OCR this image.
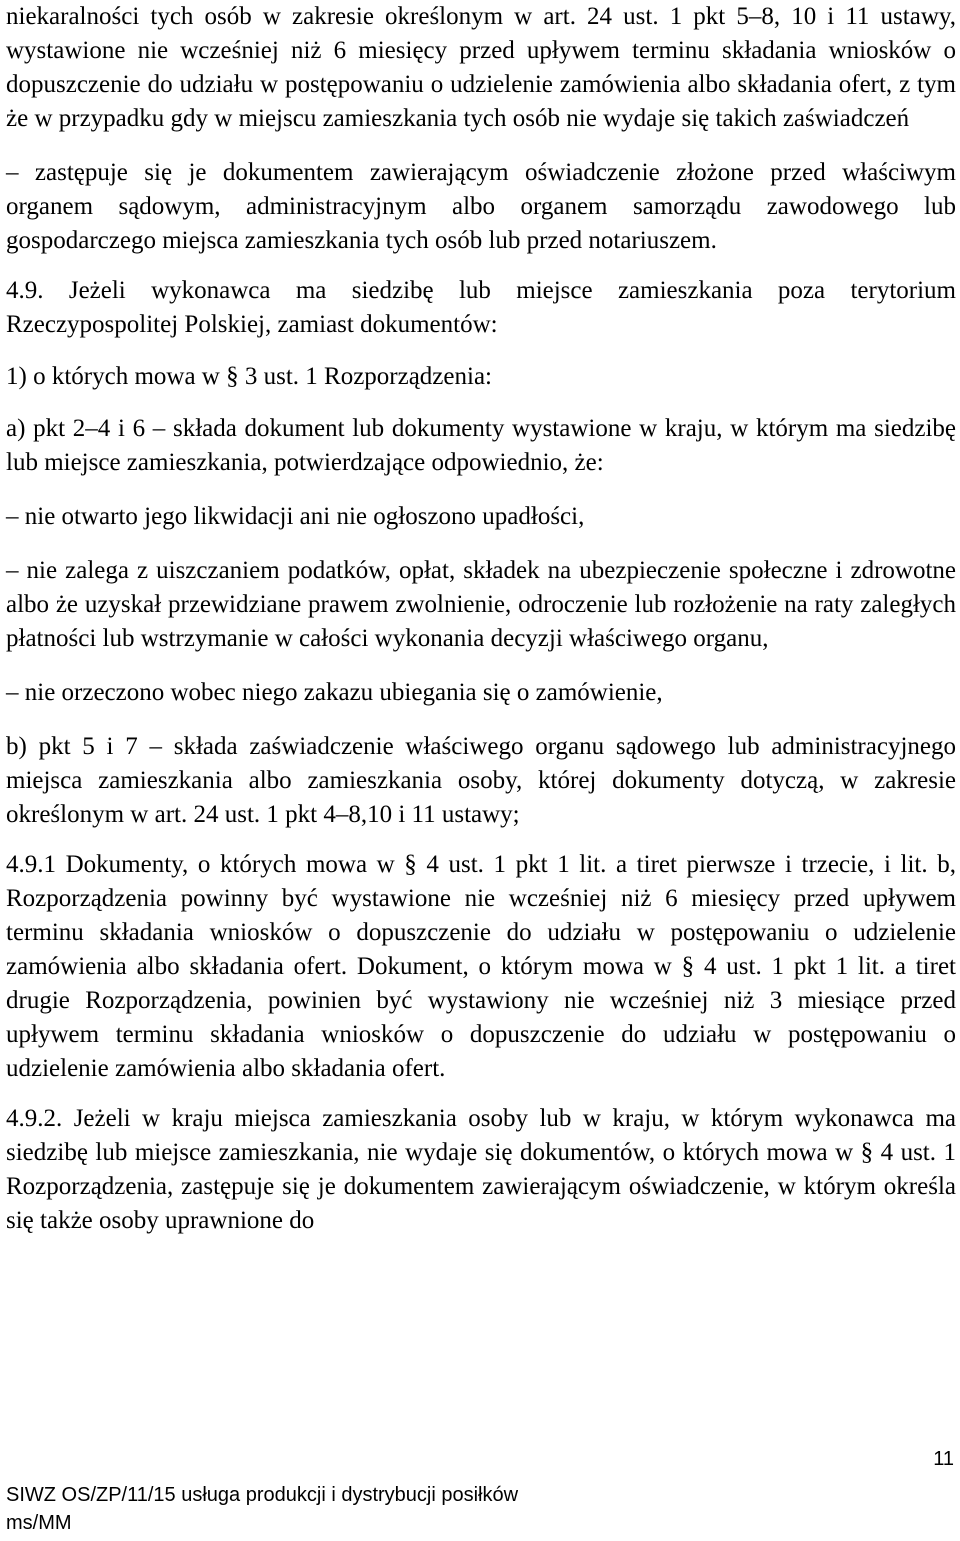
niekaralności tych osób w zakresie określonym w art. 24 ust. 1 pkt 5–8, 10 i 11 ustawy, wystawione nie wcześniej niż 6 miesięcy przed upływem terminu składania wniosków o dopuszczenie do udziału w postępowaniu o udzielenie zamówienia albo składania ofert, z tym że w przypadku gdy w miejscu zamieszkania tych osób nie wydaje się takich zaświadczeń

– zastępuje się je dokumentem zawierającym oświadczenie złożone przed właściwym organem sądowym, administracyjnym albo organem samorządu zawodowego lub gospodarczego miejsca zamieszkania tych osób lub przed notariuszem.

4.9. Jeżeli wykonawca ma siedzibę lub miejsce zamieszkania poza terytorium Rzeczypospolitej Polskiej, zamiast dokumentów:

1) o których mowa w § 3 ust. 1 Rozporządzenia:

a) pkt 2–4 i 6 – składa dokument lub dokumenty wystawione w kraju, w którym ma siedzibę lub miejsce zamieszkania, potwierdzające odpowiednio, że:

– nie otwarto jego likwidacji ani nie ogłoszono upadłości,

– nie zalega z uiszczaniem podatków, opłat, składek na ubezpieczenie społeczne i zdrowotne albo że uzyskał przewidziane prawem zwolnienie, odroczenie lub rozłożenie na raty zaległych płatności lub wstrzymanie w całości wykonania decyzji właściwego organu,

– nie orzeczono wobec niego zakazu ubiegania się o zamówienie,

b) pkt 5 i 7 – składa zaświadczenie właściwego organu sądowego lub administracyjnego miejsca zamieszkania albo zamieszkania osoby, której dokumenty dotyczą, w zakresie określonym w art. 24 ust. 1 pkt 4–8,10 i 11 ustawy;

4.9.1 Dokumenty, o których mowa w § 4 ust. 1 pkt 1 lit. a tiret pierwsze i trzecie, i lit. b, Rozporządzenia powinny być wystawione nie wcześniej niż 6 miesięcy przed upływem terminu składania wniosków o dopuszczenie do udziału w postępowaniu o udzielenie zamówienia albo składania ofert. Dokument, o którym mowa w § 4 ust. 1 pkt 1 lit. a tiret drugie Rozporządzenia, powinien być wystawiony nie wcześniej niż 3 miesiące przed upływem terminu składania wniosków o dopuszczenie do udziału w postępowaniu o udzielenie zamówienia albo składania ofert.

4.9.2. Jeżeli w kraju miejsca zamieszkania osoby lub w kraju, w którym wykonawca ma siedzibę lub miejsce zamieszkania, nie wydaje się dokumentów, o których mowa w § 4 ust. 1 Rozporządzenia, zastępuje się je dokumentem zawierającym oświadczenie, w którym określa się także osoby uprawnione do

SIWZ OS/ZP/11/15 usługa produkcji i dystrybucji posiłków
ms/MM
11
